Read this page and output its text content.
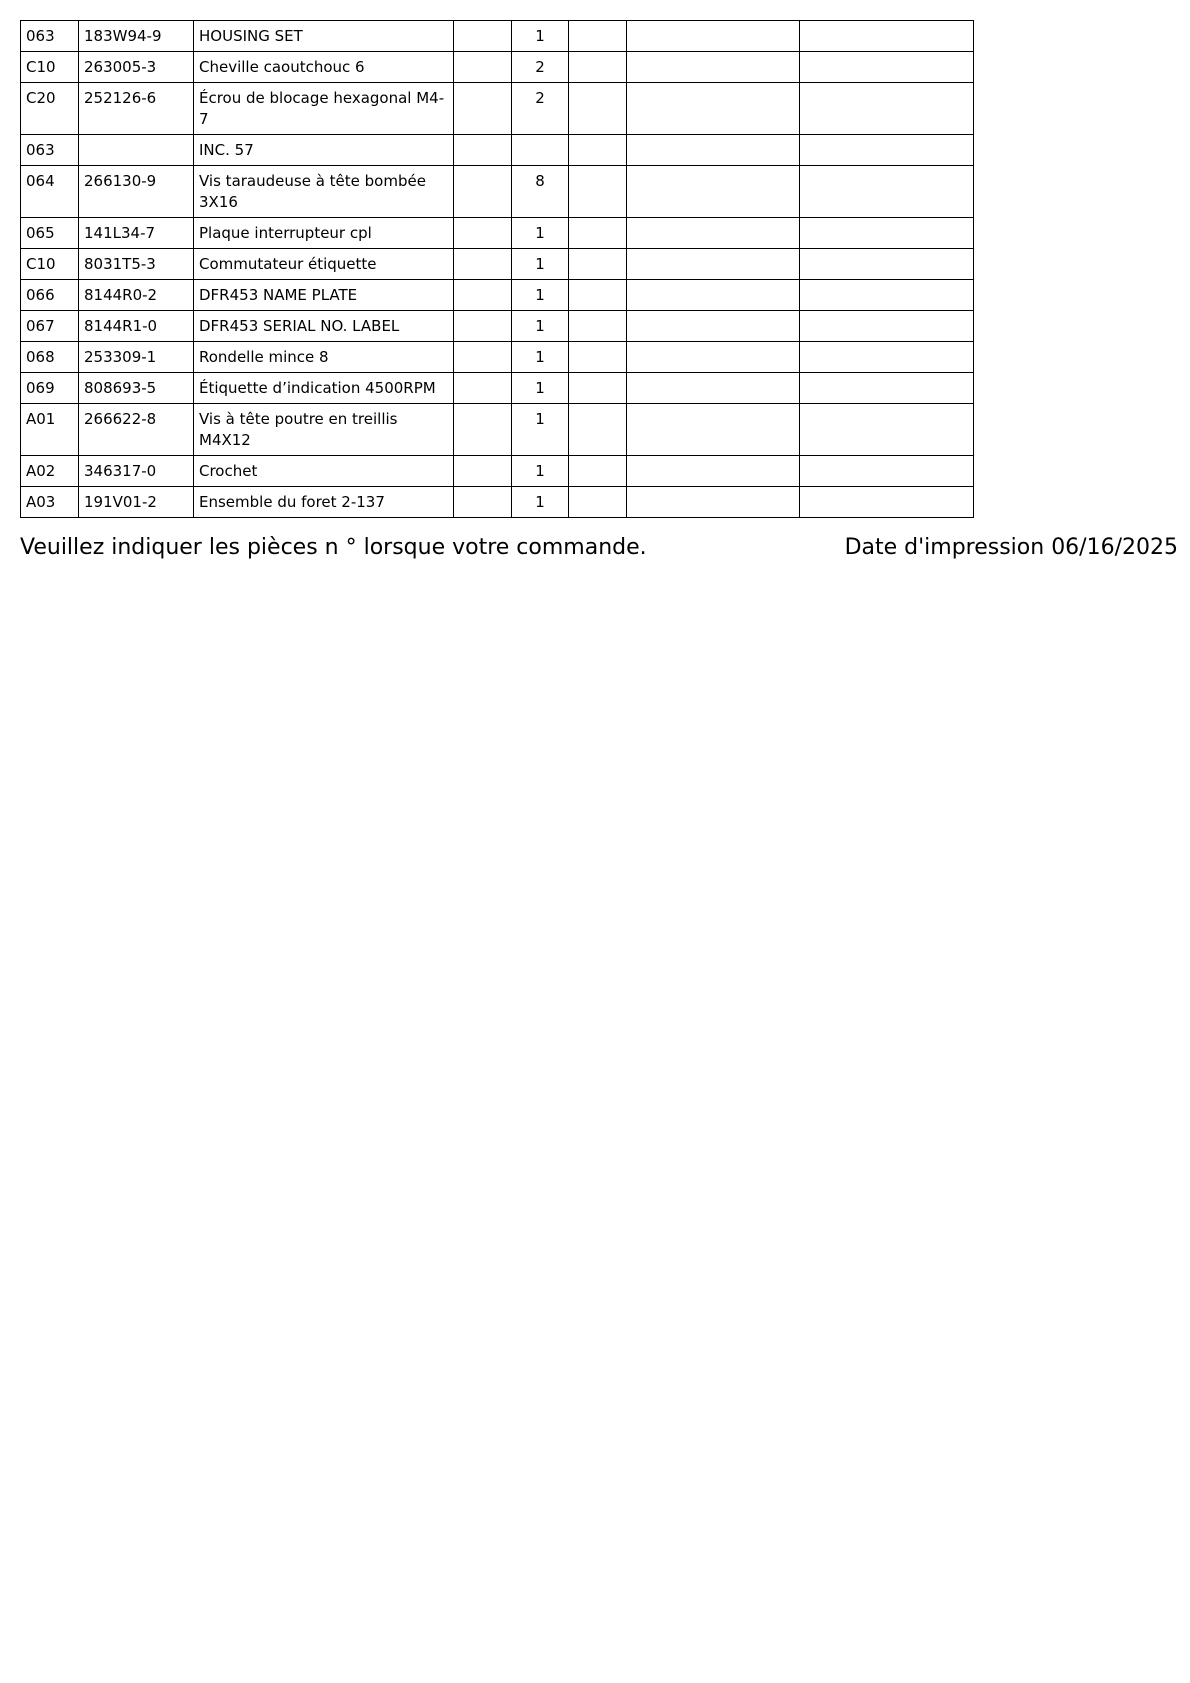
063	183W94-9	HOUSING SET		1			
C10	263005-3	Cheville caoutchouc 6		2			
C20	252126-6	Écrou de blocage hexagonal M4-7		2			
063		INC. 57					
064	266130-9	Vis taraudeuse à tête bombée 3X16		8			
065	141L34-7	Plaque interrupteur cpl		1			
C10	8031T5-3	Commutateur étiquette		1			
066	8144R0-2	DFR453 NAME PLATE		1			
067	8144R1-0	DFR453 SERIAL NO. LABEL		1			
068	253309-1	Rondelle mince 8		1			
069	808693-5	Étiquette d’indication 4500RPM		1			
A01	266622-8	Vis à tête poutre en treillis M4X12		1			
A02	346317-0	Crochet		1			
A03	191V01-2	Ensemble du foret 2-137		1			
Veuillez indiquer les pièces n ° lorsque votre commande.	Date d'impression 06/16/2025
